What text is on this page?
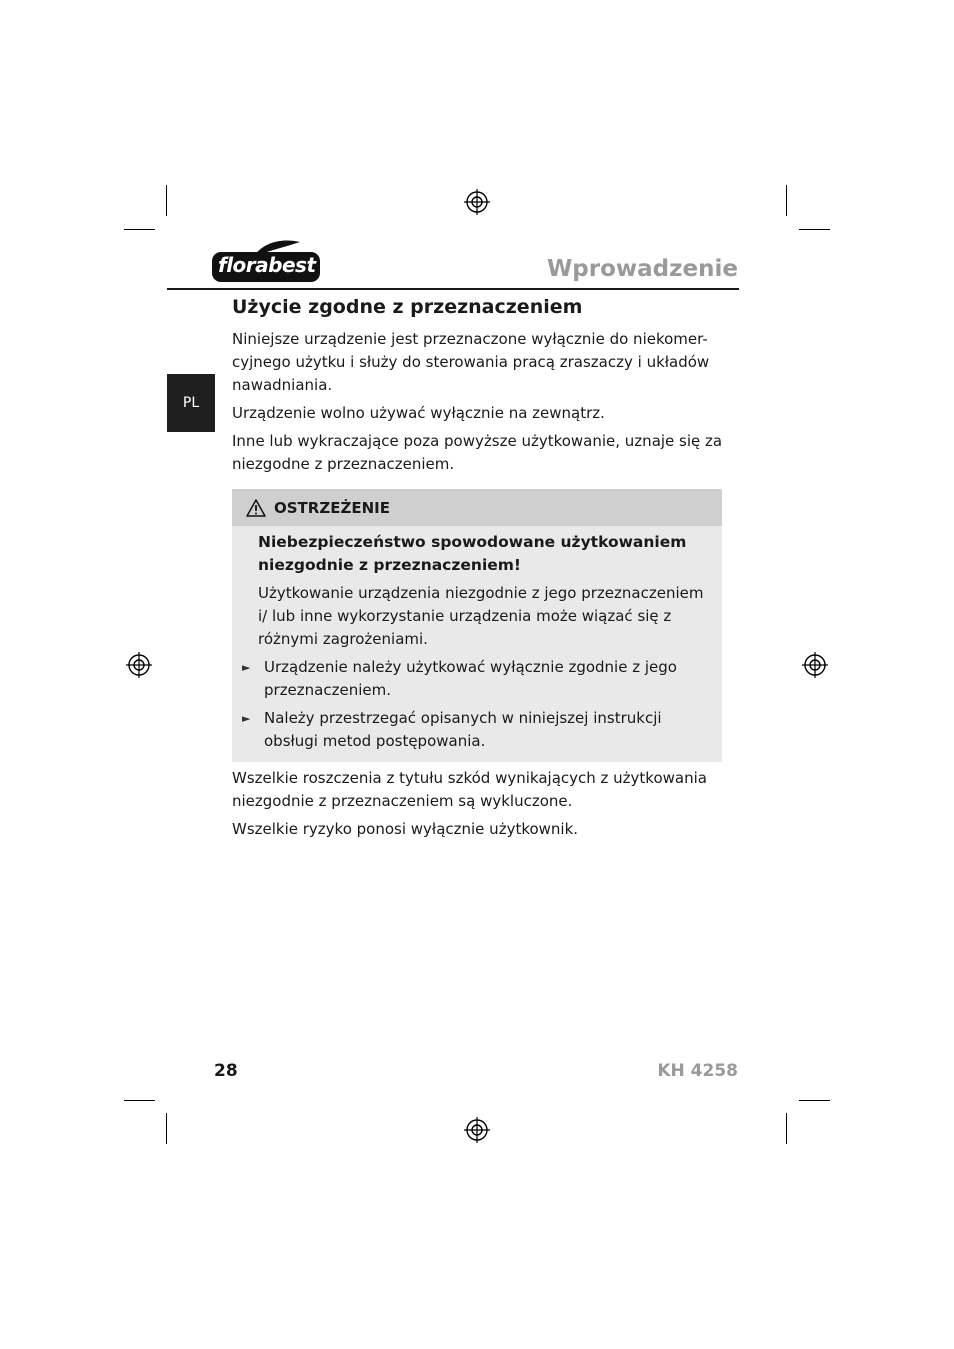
florabest	Wprowadzenie
PL
Użycie zgodne z przeznaczeniem

Niniejsze urządzenie jest przeznaczone wyłącznie do niekomer-cyjnego użytku i służy do sterowania pracą zraszaczy i układów nawadniania.

Urządzenie wolno używać wyłącznie na zewnątrz.

Inne lub wykraczające poza powyższe użytkowanie, uznaje się za niezgodne z przeznaczeniem.

OSTRZEŻENIE

Niebezpieczeństwo spowodowane użytkowaniem niezgodnie z przeznaczeniem!

Użytkowanie urządzenia niezgodnie z jego przeznaczeniem i/ lub inne wykorzystanie urządzenia może wiązać się z różnymi zagrożeniami.

► Urządzenie należy użytkować wyłącznie zgodnie z jego przeznaczeniem.
► Należy przestrzegać opisanych w niniejszej instrukcji obsługi metod postępowania.

Wszelkie roszczenia z tytułu szkód wynikających z użytkowania niezgodnie z przeznaczeniem są wykluczone.

Wszelkie ryzyko ponosi wyłącznie użytkownik.

28	KH 4258
